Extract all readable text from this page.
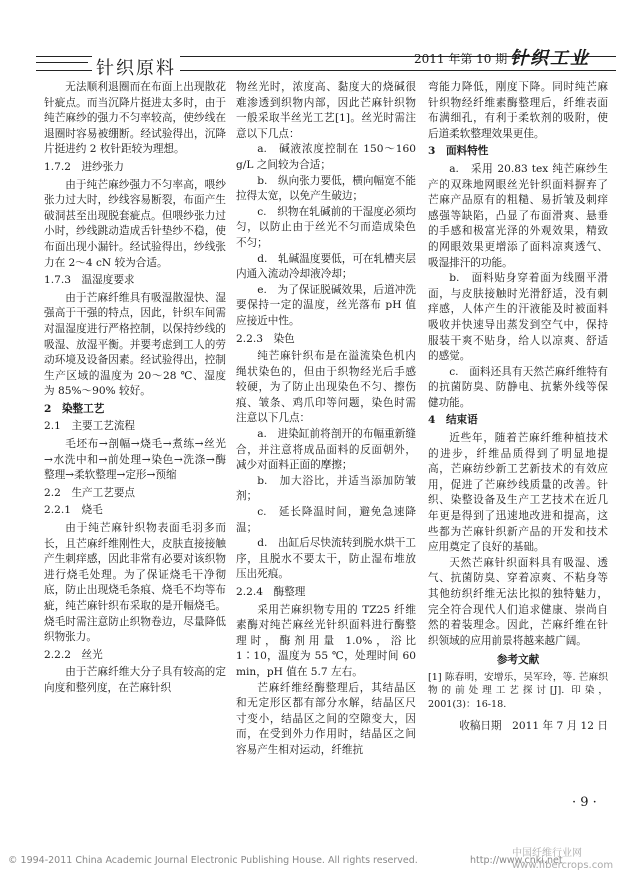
针织原料	2011 年第 10 期 针织工业

无法顺利退圈而在布面上出现散花针疵点。而当沉降片挺进太多时，由于纯芒麻纱的强力不匀率较高，使纱线在退圈时容易被绷断。经试验得出，沉降片挺进约 2 枚针距较为理想。

1.7.2　进纱张力

由于纯芒麻纱强力不匀率高，喂纱张力过大时，纱线容易断裂，布面产生破洞甚至出现脱套疵点。但喂纱张力过小时，纱线跳动造成舌针垫纱不稳，使布面出现小漏针。经试验得出，纱线张力在 2～4 cN 较为合适。

1.7.3　温湿度要求

由于芒麻纤维具有吸湿散湿快、湿强高于干强的特点，因此，针织车间需对温湿度进行严格控制，以保持纱线的吸湿、放湿平衡。并要考虑到工人的劳动环境及设备因素。经试验得出，控制生产区域的温度为 20～28 ℃、湿度为 85%～90% 较好。

2　染整工艺
2.1　主要工艺流程

毛坯布→剖幅→烧毛→煮练→丝光→水洗中和→前处理→染色→洗涤→酶整理→柔软整理→定形→预缩

2.2　生产工艺要点
2.2.1　烧毛

由于纯芒麻针织物表面毛羽多而长，且芒麻纤维刚性大，皮肤直接接触产生刺痒感，因此非常有必要对该织物进行烧毛处理。为了保证烧毛干净彻底，防止出现烧毛条痕、烧毛不均等布疵，纯芒麻针织布采取的是开幅烧毛。烧毛时需注意防止织物卷边，尽量降低织物张力。

2.2.2　丝光

由于芒麻纤维大分子具有较高的定向度和整列度，在芒麻针织

物丝光时，浓度高、黏度大的烧碱很难渗透到织物内部，因此芒麻针织物一般采取半丝光工艺[1]。丝光时需注意以下几点：

a.　碱液浓度控制在 150～160 g/L 之间较为合适；

b.　纵向张力要低，横向幅宽不能拉得太宽，以免产生破边；

c.　织物在轧碱前的干湿度必须均匀，以防止由于丝光不匀而造成染色不匀；

d.　轧碱温度要低，可在轧槽夹层内通入流动冷却液冷却；

e.　为了保证脱碱效果，后道冲洗要保持一定的温度，丝光落布 pH 值应接近中性。

2.2.3　染色

纯芒麻针织布是在溢流染色机内绳状染色的，但由于织物经光后手感较硬，为了防止出现染色不匀、擦伤痕、皱条、鸡爪印等问题，染色时需注意以下几点：

a.　进染缸前将剖开的布幅重新缝合，并注意将成品面料的反面朝外，减少对面料正面的摩擦；

b.　加大浴比，并适当添加防皱剂；

c.　延长降温时间，避免急速降温；

d.　出缸后尽快流转到脱水烘干工序，且脱水不要太干，防止湿布堆放压出死痕。

2.2.4　酶整理

采用芒麻织物专用的 TZ25 纤维素酶对纯芒麻丝光针织面料进行酶整理时，酶剂用量 1.0%，浴比 1∶10，温度为 55 ℃，处理时间 60 min，pH 值在 5.7 左右。

芒麻纤维经酶整理后，其结晶区和无定形区都有部分水解，结晶区尺寸变小，结晶区之间的空隙变大，因而，在受到外力作用时，结晶区之间容易产生相对运动，纤维抗

弯能力降低，刚度下降。同时纯芒麻针织物经纤维素酶整理后，纤维表面布满细孔，有利于柔软剂的吸附，使后道柔软整理效果更佳。

3　面料特性

a.　采用 20.83 tex 纯芒麻纱生产的双珠地网眼丝光针织面料摒弃了芒麻产品原有的粗糙、易折皱及刺痒感强等缺陷，凸显了布面滑爽、悬垂的手感和极富光泽的外观效果，精致的网眼效果更增添了面料凉爽透气、吸湿排汗的功能。

b.　面料贴身穿着面为线圈平滑面，与皮肤接触时光滑舒适，没有刺痒感，人体产生的汗液能及时被面料吸收并快速导出蒸发到空气中，保持服装干爽不贴身，给人以凉爽、舒适的感觉。

c.　面料还具有天然芒麻纤维特有的抗菌防臭、防静电、抗紫外线等保健功能。

4　结束语

近些年，随着芒麻纤维种植技术的进步，纤维品质得到了明显地提高，芒麻纺纱新工艺新技术的有效应用，促进了芒麻纱线质量的改善。针织、染整设备及生产工艺技术在近几年更是得到了迅速地改进和提高，这些都为芒麻针织新产品的开发和技术应用奠定了良好的基础。

天然芒麻针织面料具有吸湿、透气、抗菌防臭、穿着凉爽、不粘身等其他纺织纤维无法比拟的独特魅力，完全符合现代人们追求健康、崇尚自然的着装理念。因此，芒麻纤维在针织领域的应用前景将越来越广阔。

参考文献

[1] 陈春明，安增乐，吴军玲，等. 芒麻织物的前处理工艺探讨[J]. 印染，2001(3)：16-18.

收稿日期　2011 年 7 月 12 日

· 9 ·
© 1994-2011 China Academic Journal Electronic Publishing House. All rights reserved.	http://www.cnki.net
中国纤维行业网
www.fibercrops.com
